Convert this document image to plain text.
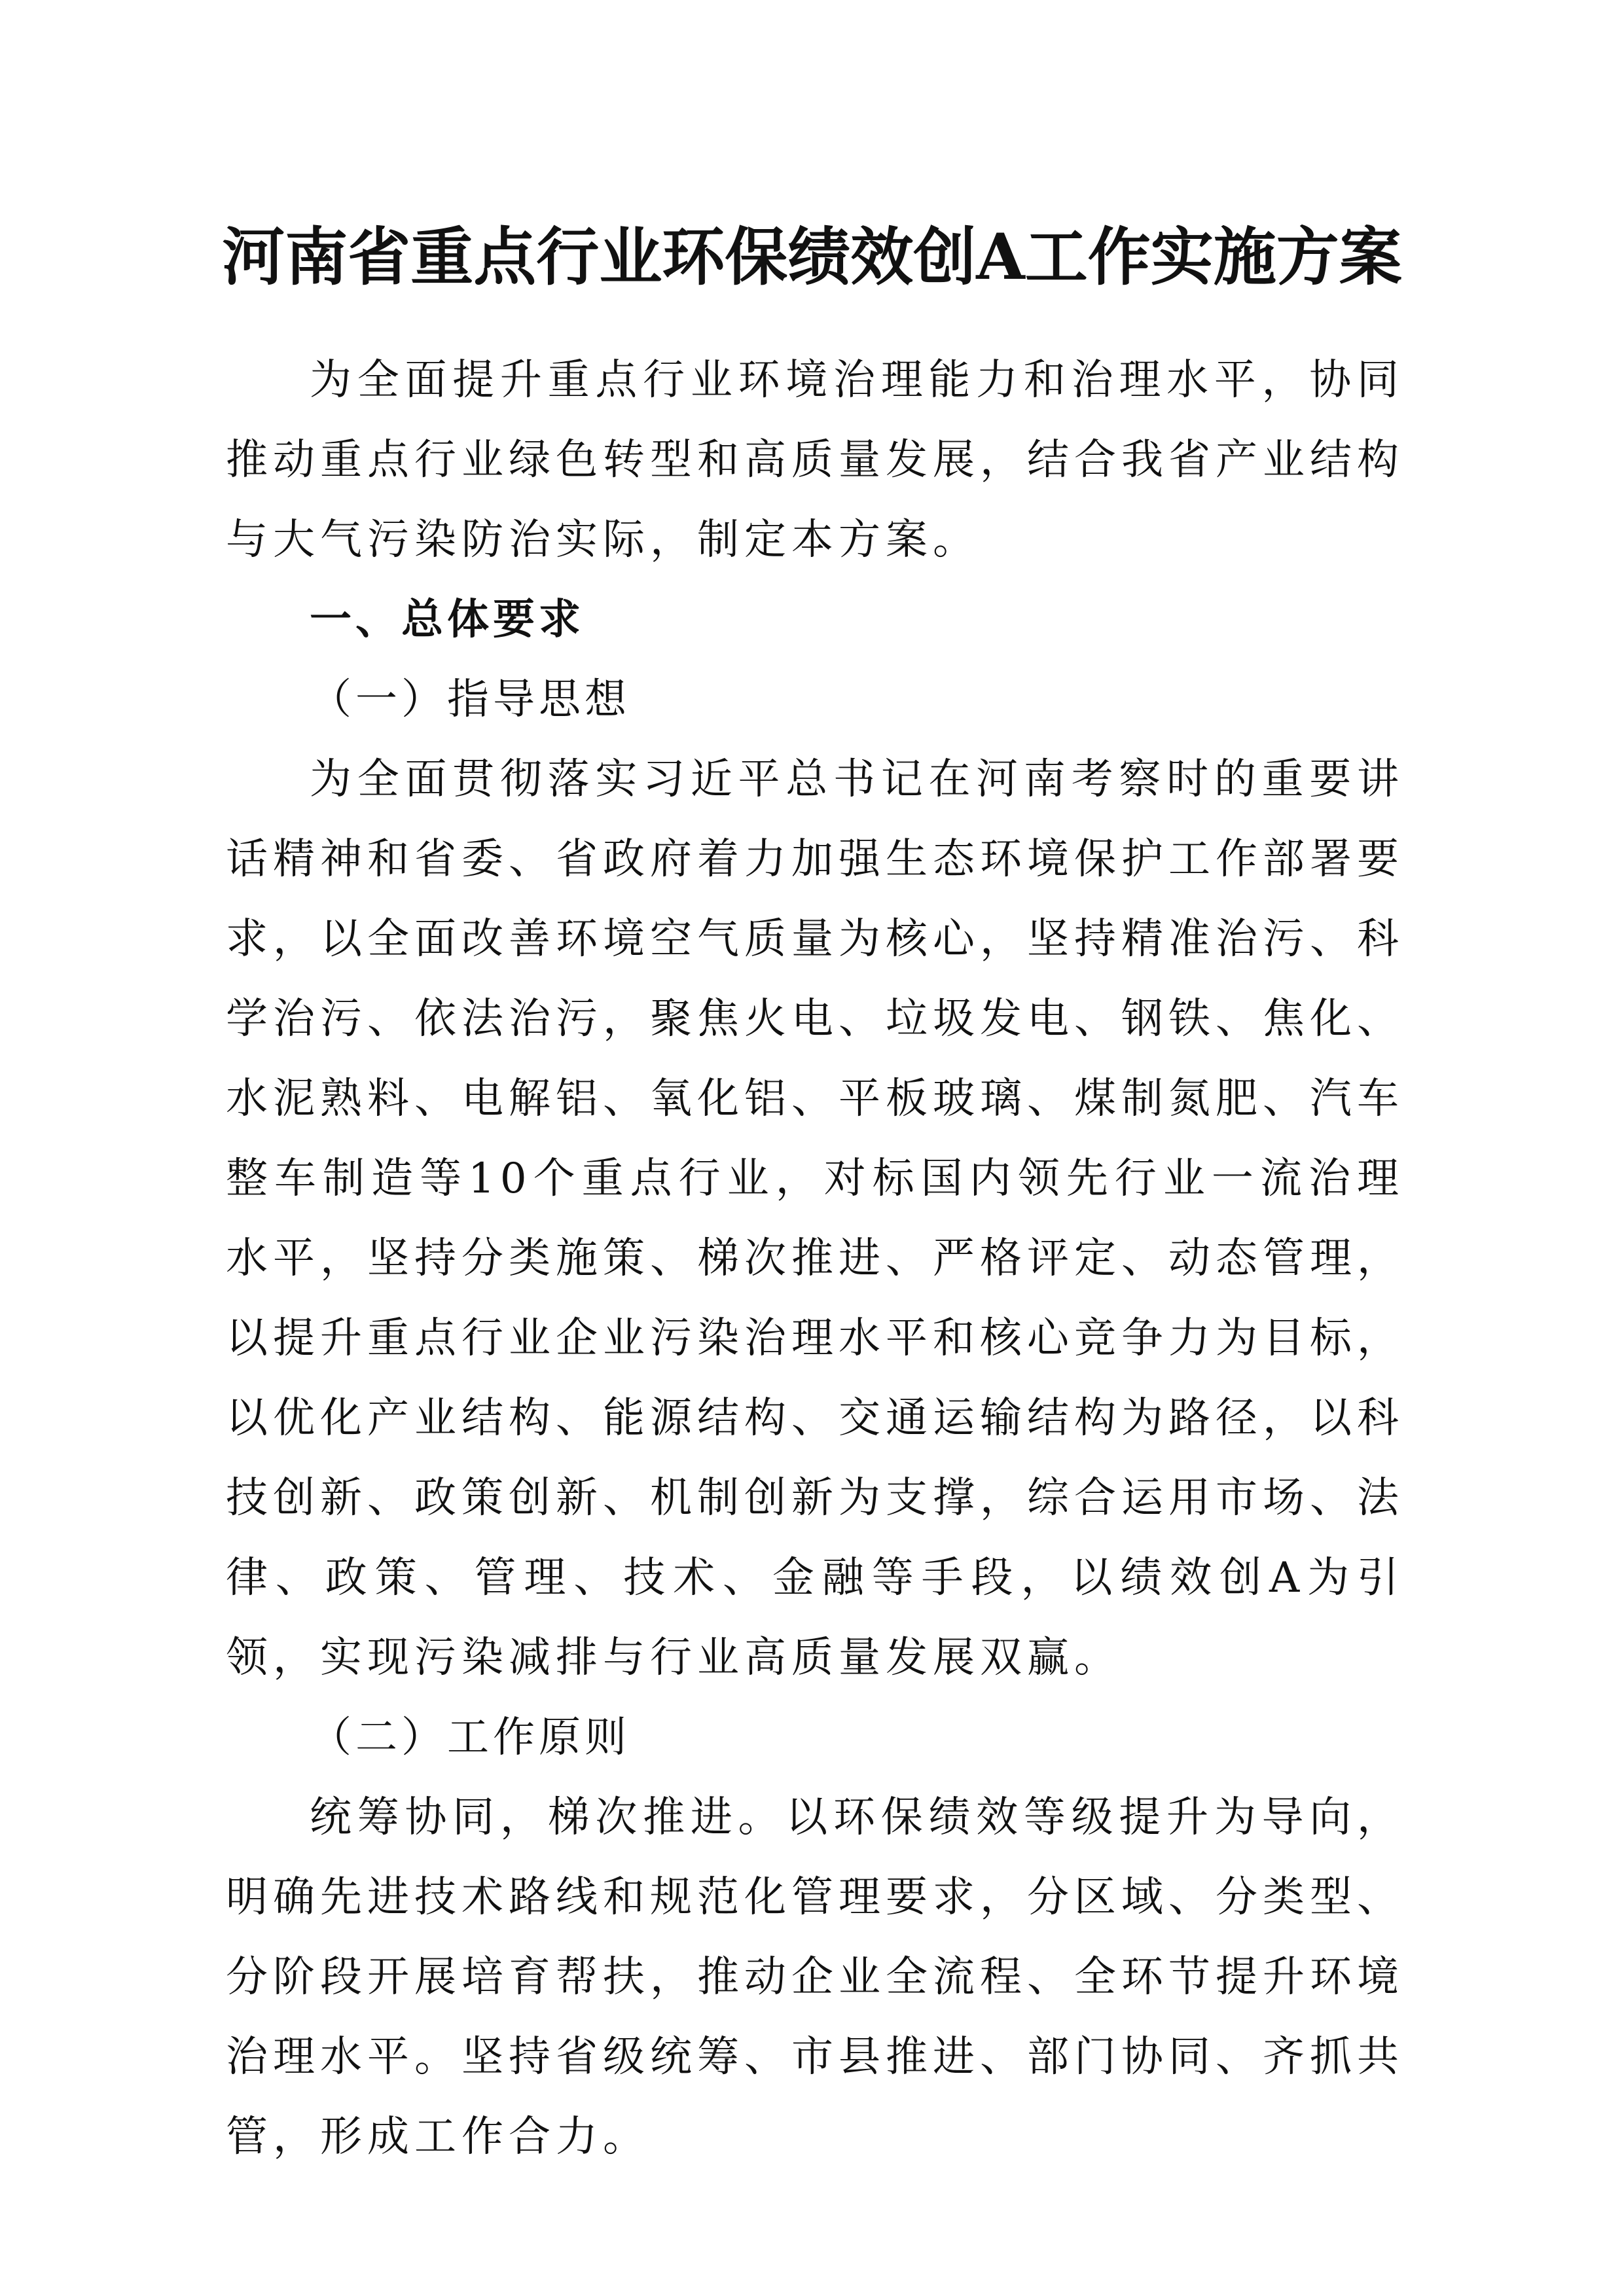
河南省重点行业环保绩效创A工作实施方案

为全面提升重点行业环境治理能力和治理水平，协同推动重点行业绿色转型和高质量发展，结合我省产业结构与大气污染防治实际，制定本方案。

一、总体要求

（一）指导思想

为全面贯彻落实习近平总书记在河南考察时的重要讲话精神和省委、省政府着力加强生态环境保护工作部署要求，以全面改善环境空气质量为核心，坚持精准治污、科学治污、依法治污，聚焦火电、垃圾发电、钢铁、焦化、水泥熟料、电解铝、氧化铝、平板玻璃、煤制氮肥、汽车整车制造等10个重点行业，对标国内领先行业一流治理水平，坚持分类施策、梯次推进、严格评定、动态管理，以提升重点行业企业污染治理水平和核心竞争力为目标，以优化产业结构、能源结构、交通运输结构为路径，以科技创新、政策创新、机制创新为支撑，综合运用市场、法律、政策、管理、技术、金融等手段，以绩效创A为引领，实现污染减排与行业高质量发展双赢。

（二）工作原则

统筹协同，梯次推进。以环保绩效等级提升为导向，明确先进技术路线和规范化管理要求，分区域、分类型、分阶段开展培育帮扶，推动企业全流程、全环节提升环境治理水平。坚持省级统筹、市县推进、部门协同、齐抓共管，形成工作合力。
